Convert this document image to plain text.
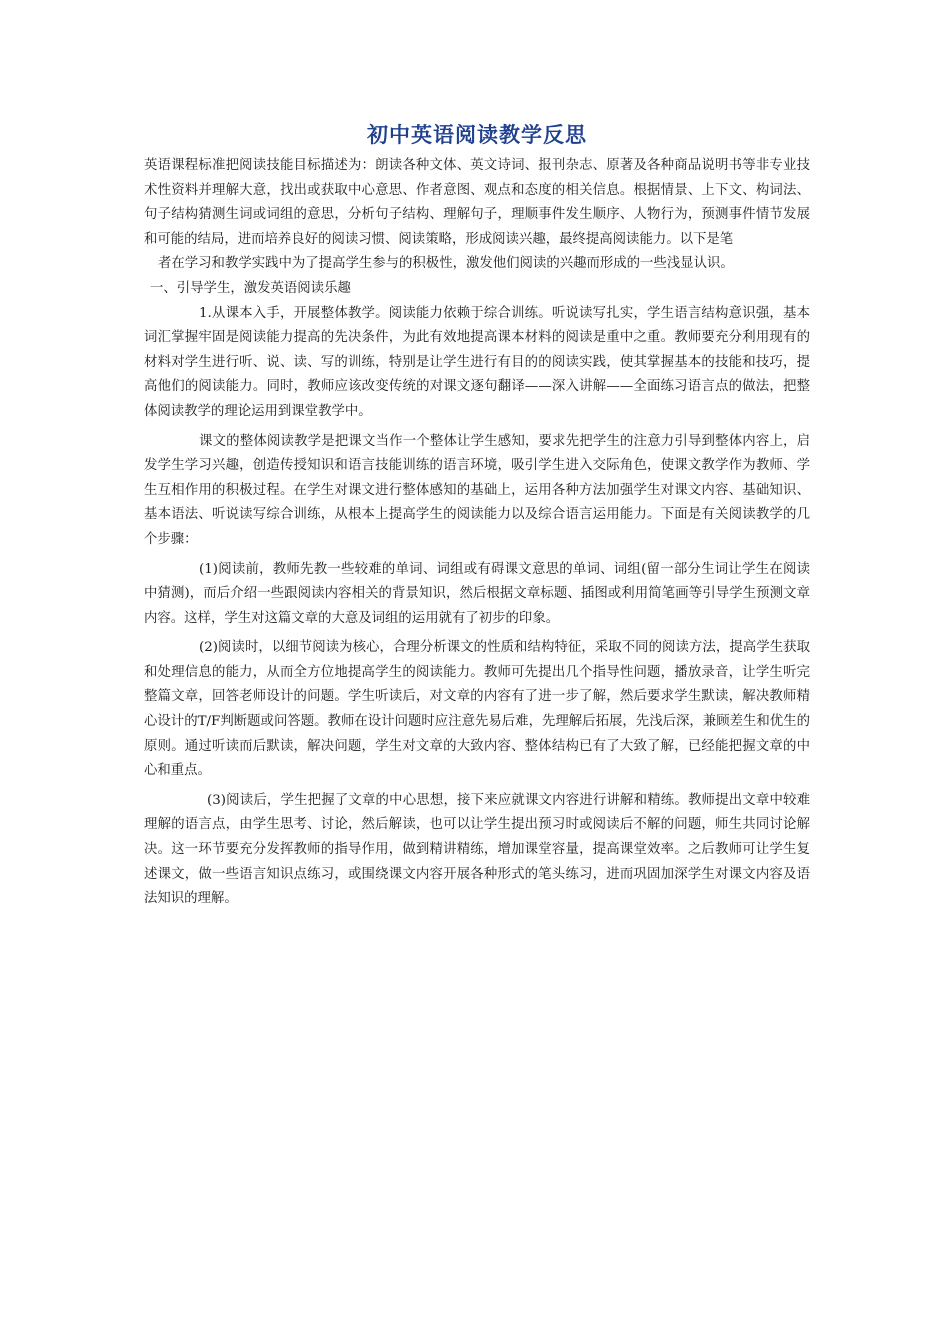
初中英语阅读教学反思

英语课程标准把阅读技能目标描述为：朗读各种文体、英文诗词、报刊杂志、原著及各种商品说明书等非专业技术性资料并理解大意，找出或获取中心意思、作者意图、观点和态度的相关信息。根据情景、上下文、构词法、句子结构猜测生词或词组的意思，分析句子结构、理解句子，理顺事件发生顺序、人物行为，预测事件情节发展和可能的结局，进而培养良好的阅读习惯、阅读策略，形成阅读兴趣，最终提高阅读能力。以下是笔

者在学习和教学实践中为了提高学生参与的积极性，激发他们阅读的兴趣而形成的一些浅显认识。

一、引导学生，激发英语阅读乐趣

1.从课本入手，开展整体教学。阅读能力依赖于综合训练。听说读写扎实，学生语言结构意识强，基本词汇掌握牢固是阅读能力提高的先决条件，为此有效地提高课本材料的阅读是重中之重。教师要充分利用现有的材料对学生进行听、说、读、写的训练，特别是让学生进行有目的的阅读实践，使其掌握基本的技能和技巧，提高他们的阅读能力。同时，教师应该改变传统的对课文逐句翻译——深入讲解——全面练习语言点的做法，把整体阅读教学的理论运用到课堂教学中。

课文的整体阅读教学是把课文当作一个整体让学生感知，要求先把学生的注意力引导到整体内容上，启发学生学习兴趣，创造传授知识和语言技能训练的语言环境，吸引学生进入交际角色，使课文教学作为教师、学生互相作用的积极过程。在学生对课文进行整体感知的基础上，运用各种方法加强学生对课文内容、基础知识、基本语法、听说读写综合训练，从根本上提高学生的阅读能力以及综合语言运用能力。下面是有关阅读教学的几个步骤：

(1)阅读前，教师先教一些较难的单词、词组或有碍课文意思的单词、词组(留一部分生词让学生在阅读中猜测)，而后介绍一些跟阅读内容相关的背景知识，然后根据文章标题、插图或利用简笔画等引导学生预测文章内容。这样，学生对这篇文章的大意及词组的运用就有了初步的印象。

(2)阅读时，以细节阅读为核心，合理分析课文的性质和结构特征，采取不同的阅读方法，提高学生获取和处理信息的能力，从而全方位地提高学生的阅读能力。教师可先提出几个指导性问题，播放录音，让学生听完整篇文章，回答老师设计的问题。学生听读后，对文章的内容有了进一步了解，然后要求学生默读，解决教师精心设计的T/F判断题或问答题。教师在设计问题时应注意先易后难，先理解后拓展，先浅后深，兼顾差生和优生的原则。通过听读而后默读，解决问题，学生对文章的大致内容、整体结构已有了大致了解，已经能把握文章的中心和重点。

(3)阅读后，学生把握了文章的中心思想，接下来应就课文内容进行讲解和精练。教师提出文章中较难理解的语言点，由学生思考、讨论，然后解读，也可以让学生提出预习时或阅读后不解的问题，师生共同讨论解决。这一环节要充分发挥教师的指导作用，做到精讲精练，增加课堂容量，提高课堂效率。之后教师可让学生复述课文，做一些语言知识点练习，或围绕课文内容开展各种形式的笔头练习，进而巩固加深学生对课文内容及语法知识的理解。
